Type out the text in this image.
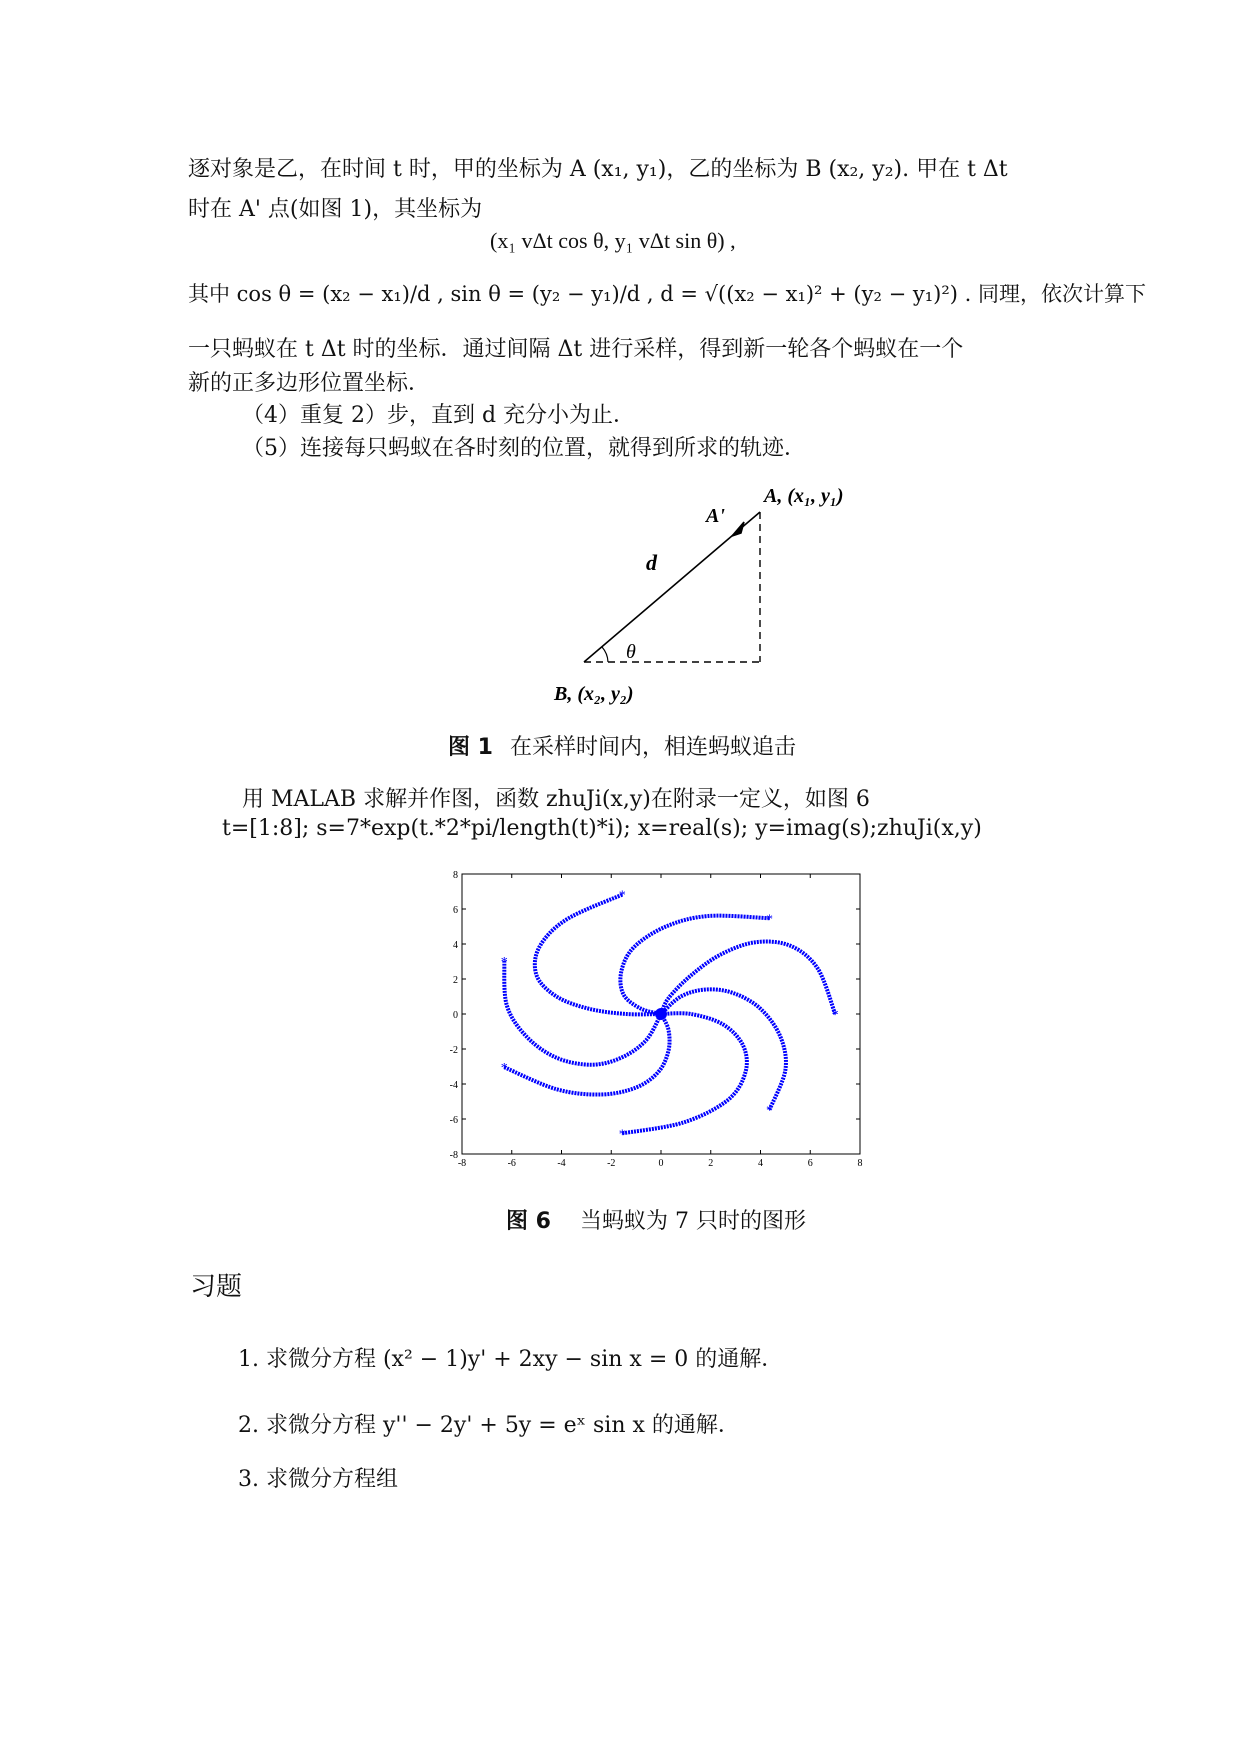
逐对象是乙，在时间 t 时，甲的坐标为 A (x₁, y₁)，乙的坐标为 B (x₂, y₂). 甲在 t Δt
时在 A' 点(如图 1)，其坐标为
(x₁ vΔt cos θ, y₁ vΔt sin θ) ,
其中 cos θ = (x₂ − x₁)/d , sin θ = (y₂ − y₁)/d , d = √((x₂ − x₁)² + (y₂ − y₁)²) . 同理，依次计算下
一只蚂蚁在 t Δt 时的坐标．通过间隔 Δt 进行采样，得到新一轮各个蚂蚁在一个
新的正多边形位置坐标．
（4）重复 2）步，直到 d 充分小为止．
（5）连接每只蚂蚁在各时刻的位置，就得到所求的轨迹．
A, (x₁, y₁)
A'
d
θ
B, (x₂, y₂)
图 1 在采样时间内，相连蚂蚁追击
用 MALAB 求解并作图，函数 zhuJi(x,y)在附录一定义，如图 6
t=[1:8]; s=7*exp(t.*2*pi/length(t)*i); x=real(s); y=imag(s);zhuJi(x,y)
-8	-6	-4	-2	0	2	4	6	8
-8
-6
-4
-2
0
2
4
6
8
*
*
*
*
*
*
*
图 6 当蚂蚁为 7 只时的图形
习题
1. 求微分方程 (x² − 1)y' + 2xy − sin x = 0 的通解．
2. 求微分方程 y'' − 2y' + 5y = eˣ sin x 的通解．
3. 求微分方程组
